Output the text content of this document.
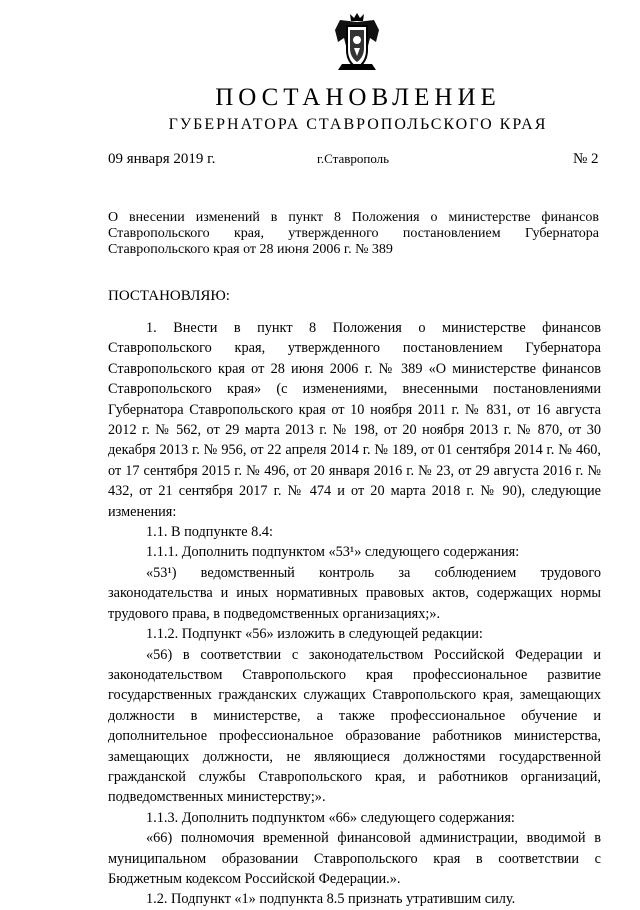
ПОСТАНОВЛЕНИЕ
ГУБЕРНАТОРА СТАВРОПОЛЬСКОГО КРАЯ
09 января 2019 г.	г.Ставрополь	№ 2
О внесении изменений в пункт 8 Положения о министерстве финансов Ставропольского края, утвержденного постановлением Губернатора Ставропольского края от 28 июня 2006 г. № 389
ПОСТАНОВЛЯЮ:

1. Внести в пункт 8 Положения о министерстве финансов Ставропольского края, утвержденного постановлением Губернатора Ставропольского края от 28 июня 2006 г. № 389 «О министерстве финансов Ставропольского края» (с изменениями, внесенными постановлениями Губернатора Ставропольского края от 10 ноября 2011 г. № 831, от 16 августа 2012 г. № 562, от 29 марта 2013 г. № 198, от 20 ноября 2013 г. № 870, от 30 декабря 2013 г. № 956, от 22 апреля 2014 г. № 189, от 01 сентября 2014 г. № 460, от 17 сентября 2015 г. № 496, от 20 января 2016 г. № 23, от 29 августа 2016 г. № 432, от 21 сентября 2017 г. № 474 и от 20 марта 2018 г. № 90), следующие изменения:

1.1. В подпункте 8.4:

1.1.1. Дополнить подпунктом «53¹» следующего содержания:

«53¹) ведомственный контроль за соблюдением трудового законодательства и иных нормативных правовых актов, содержащих нормы трудового права, в подведомственных организациях;».

1.1.2. Подпункт «56» изложить в следующей редакции:

«56) в соответствии с законодательством Российской Федерации и законодательством Ставропольского края профессиональное развитие государственных гражданских служащих Ставропольского края, замещающих должности в министерстве, а также профессиональное обучение и дополнительное профессиональное образование работников министерства, замещающих должности, не являющиеся должностями государственной гражданской службы Ставропольского края, и работников организаций, подведомственных министерству;».

1.1.3. Дополнить подпунктом «66» следующего содержания:

«66) полномочия временной финансовой администрации, вводимой в муниципальном образовании Ставропольского края в соответствии с Бюджетным кодексом Российской Федерации.».

1.2. Подпункт «1» подпункта 8.5 признать утратившим силу.
